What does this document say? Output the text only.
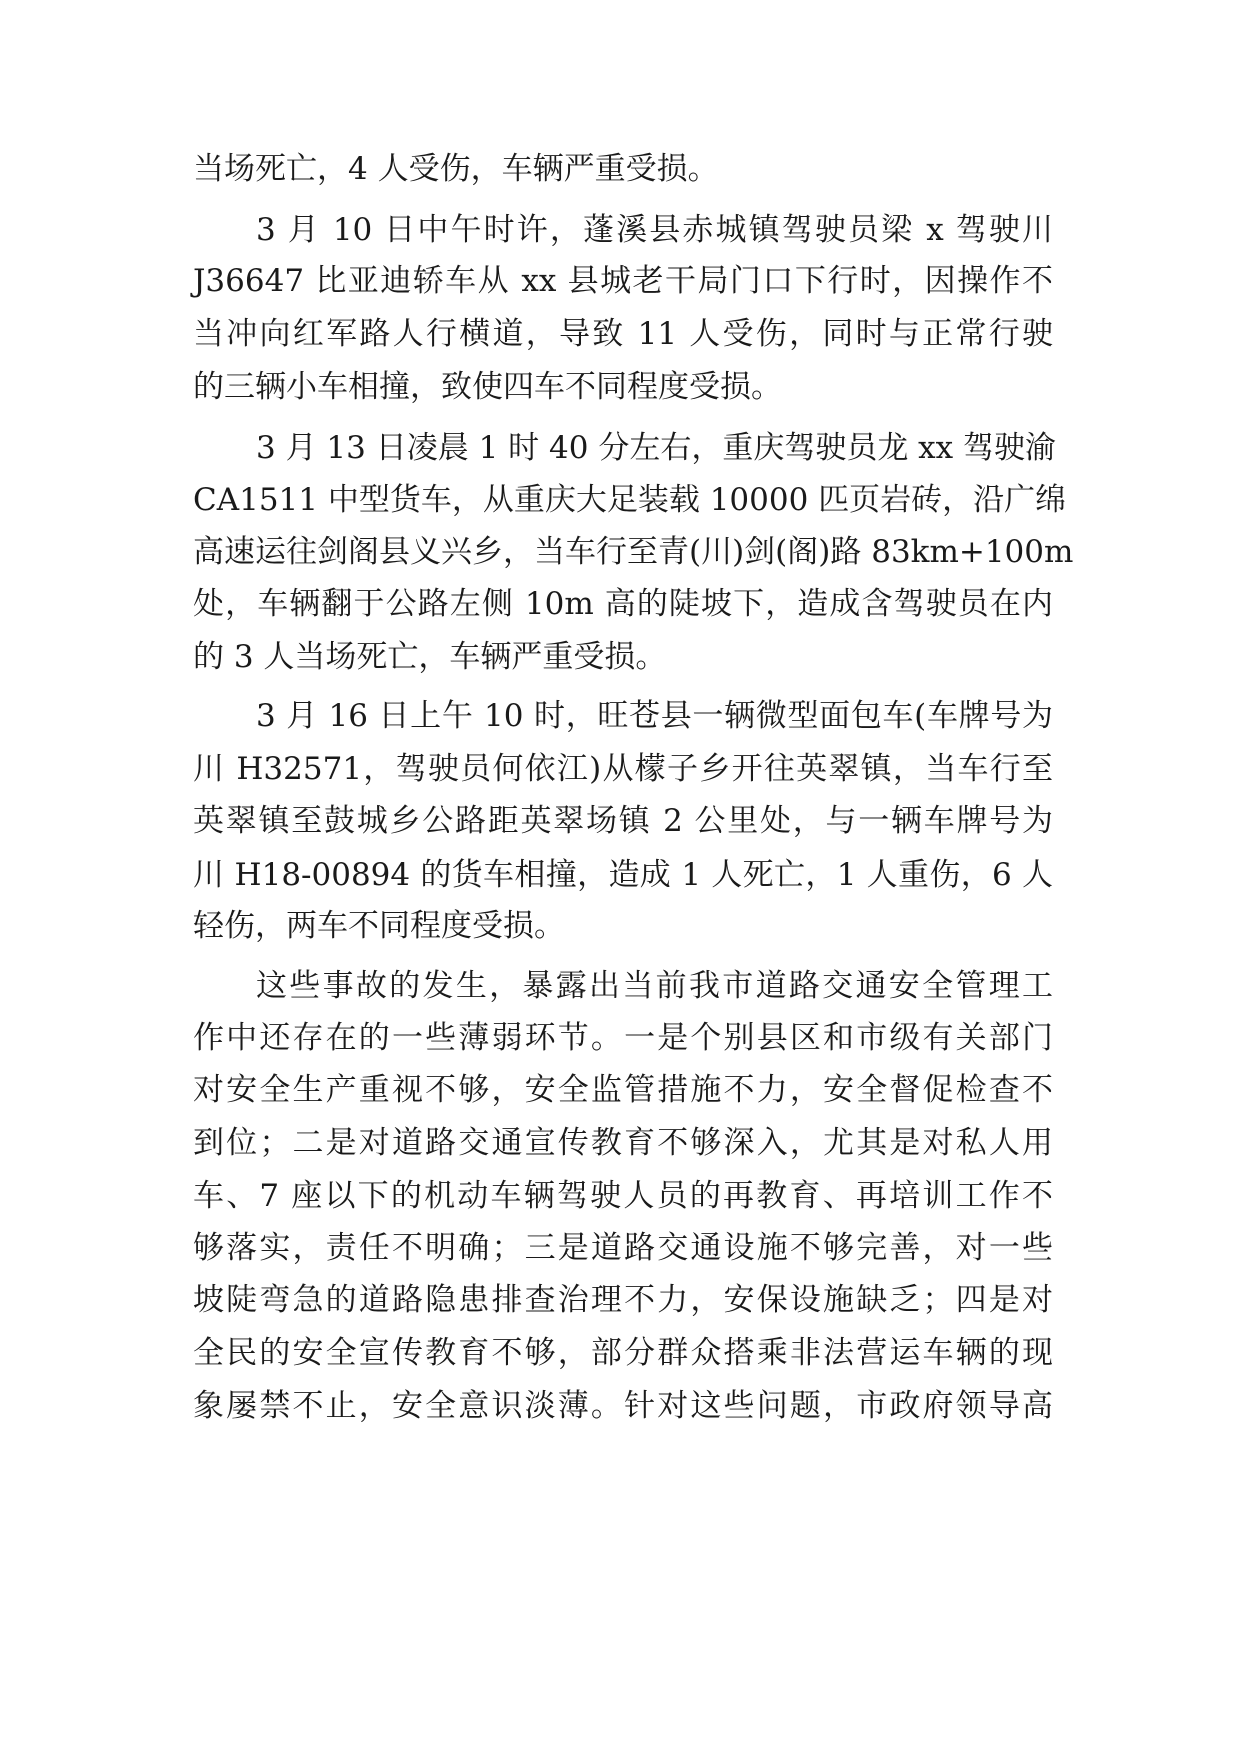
当场死亡，4 人受伤，车辆严重受损。
3 月 10 日中午时许，蓬溪县赤城镇驾驶员梁 x 驾驶川
J36647 比亚迪轿车从 xx 县城老干局门口下行时，因操作不
当冲向红军路人行横道，导致 11 人受伤，同时与正常行驶
的三辆小车相撞，致使四车不同程度受损。
3 月 13 日凌晨 1 时 40 分左右，重庆驾驶员龙 xx 驾驶渝
CA1511 中型货车，从重庆大足装载 10000 匹页岩砖，沿广绵
高速运往剑阁县义兴乡，当车行至青(川)剑(阁)路 83km+100m
处，车辆翻于公路左侧 10m 高的陡坡下，造成含驾驶员在内
的 3 人当场死亡，车辆严重受损。
3 月 16 日上午 10 时，旺苍县一辆微型面包车(车牌号为
川 H32571，驾驶员何依江)从檬子乡开往英翠镇，当车行至
英翠镇至鼓城乡公路距英翠场镇 2 公里处，与一辆车牌号为
川 H18-00894 的货车相撞，造成 1 人死亡，1 人重伤，6 人
轻伤，两车不同程度受损。
这些事故的发生，暴露出当前我市道路交通安全管理工
作中还存在的一些薄弱环节。一是个别县区和市级有关部门
对安全生产重视不够，安全监管措施不力，安全督促检查不
到位；二是对道路交通宣传教育不够深入，尤其是对私人用
车、7 座以下的机动车辆驾驶人员的再教育、再培训工作不
够落实，责任不明确；三是道路交通设施不够完善，对一些
坡陡弯急的道路隐患排查治理不力，安保设施缺乏；四是对
全民的安全宣传教育不够，部分群众搭乘非法营运车辆的现
象屡禁不止，安全意识淡薄。针对这些问题，市政府领导高
